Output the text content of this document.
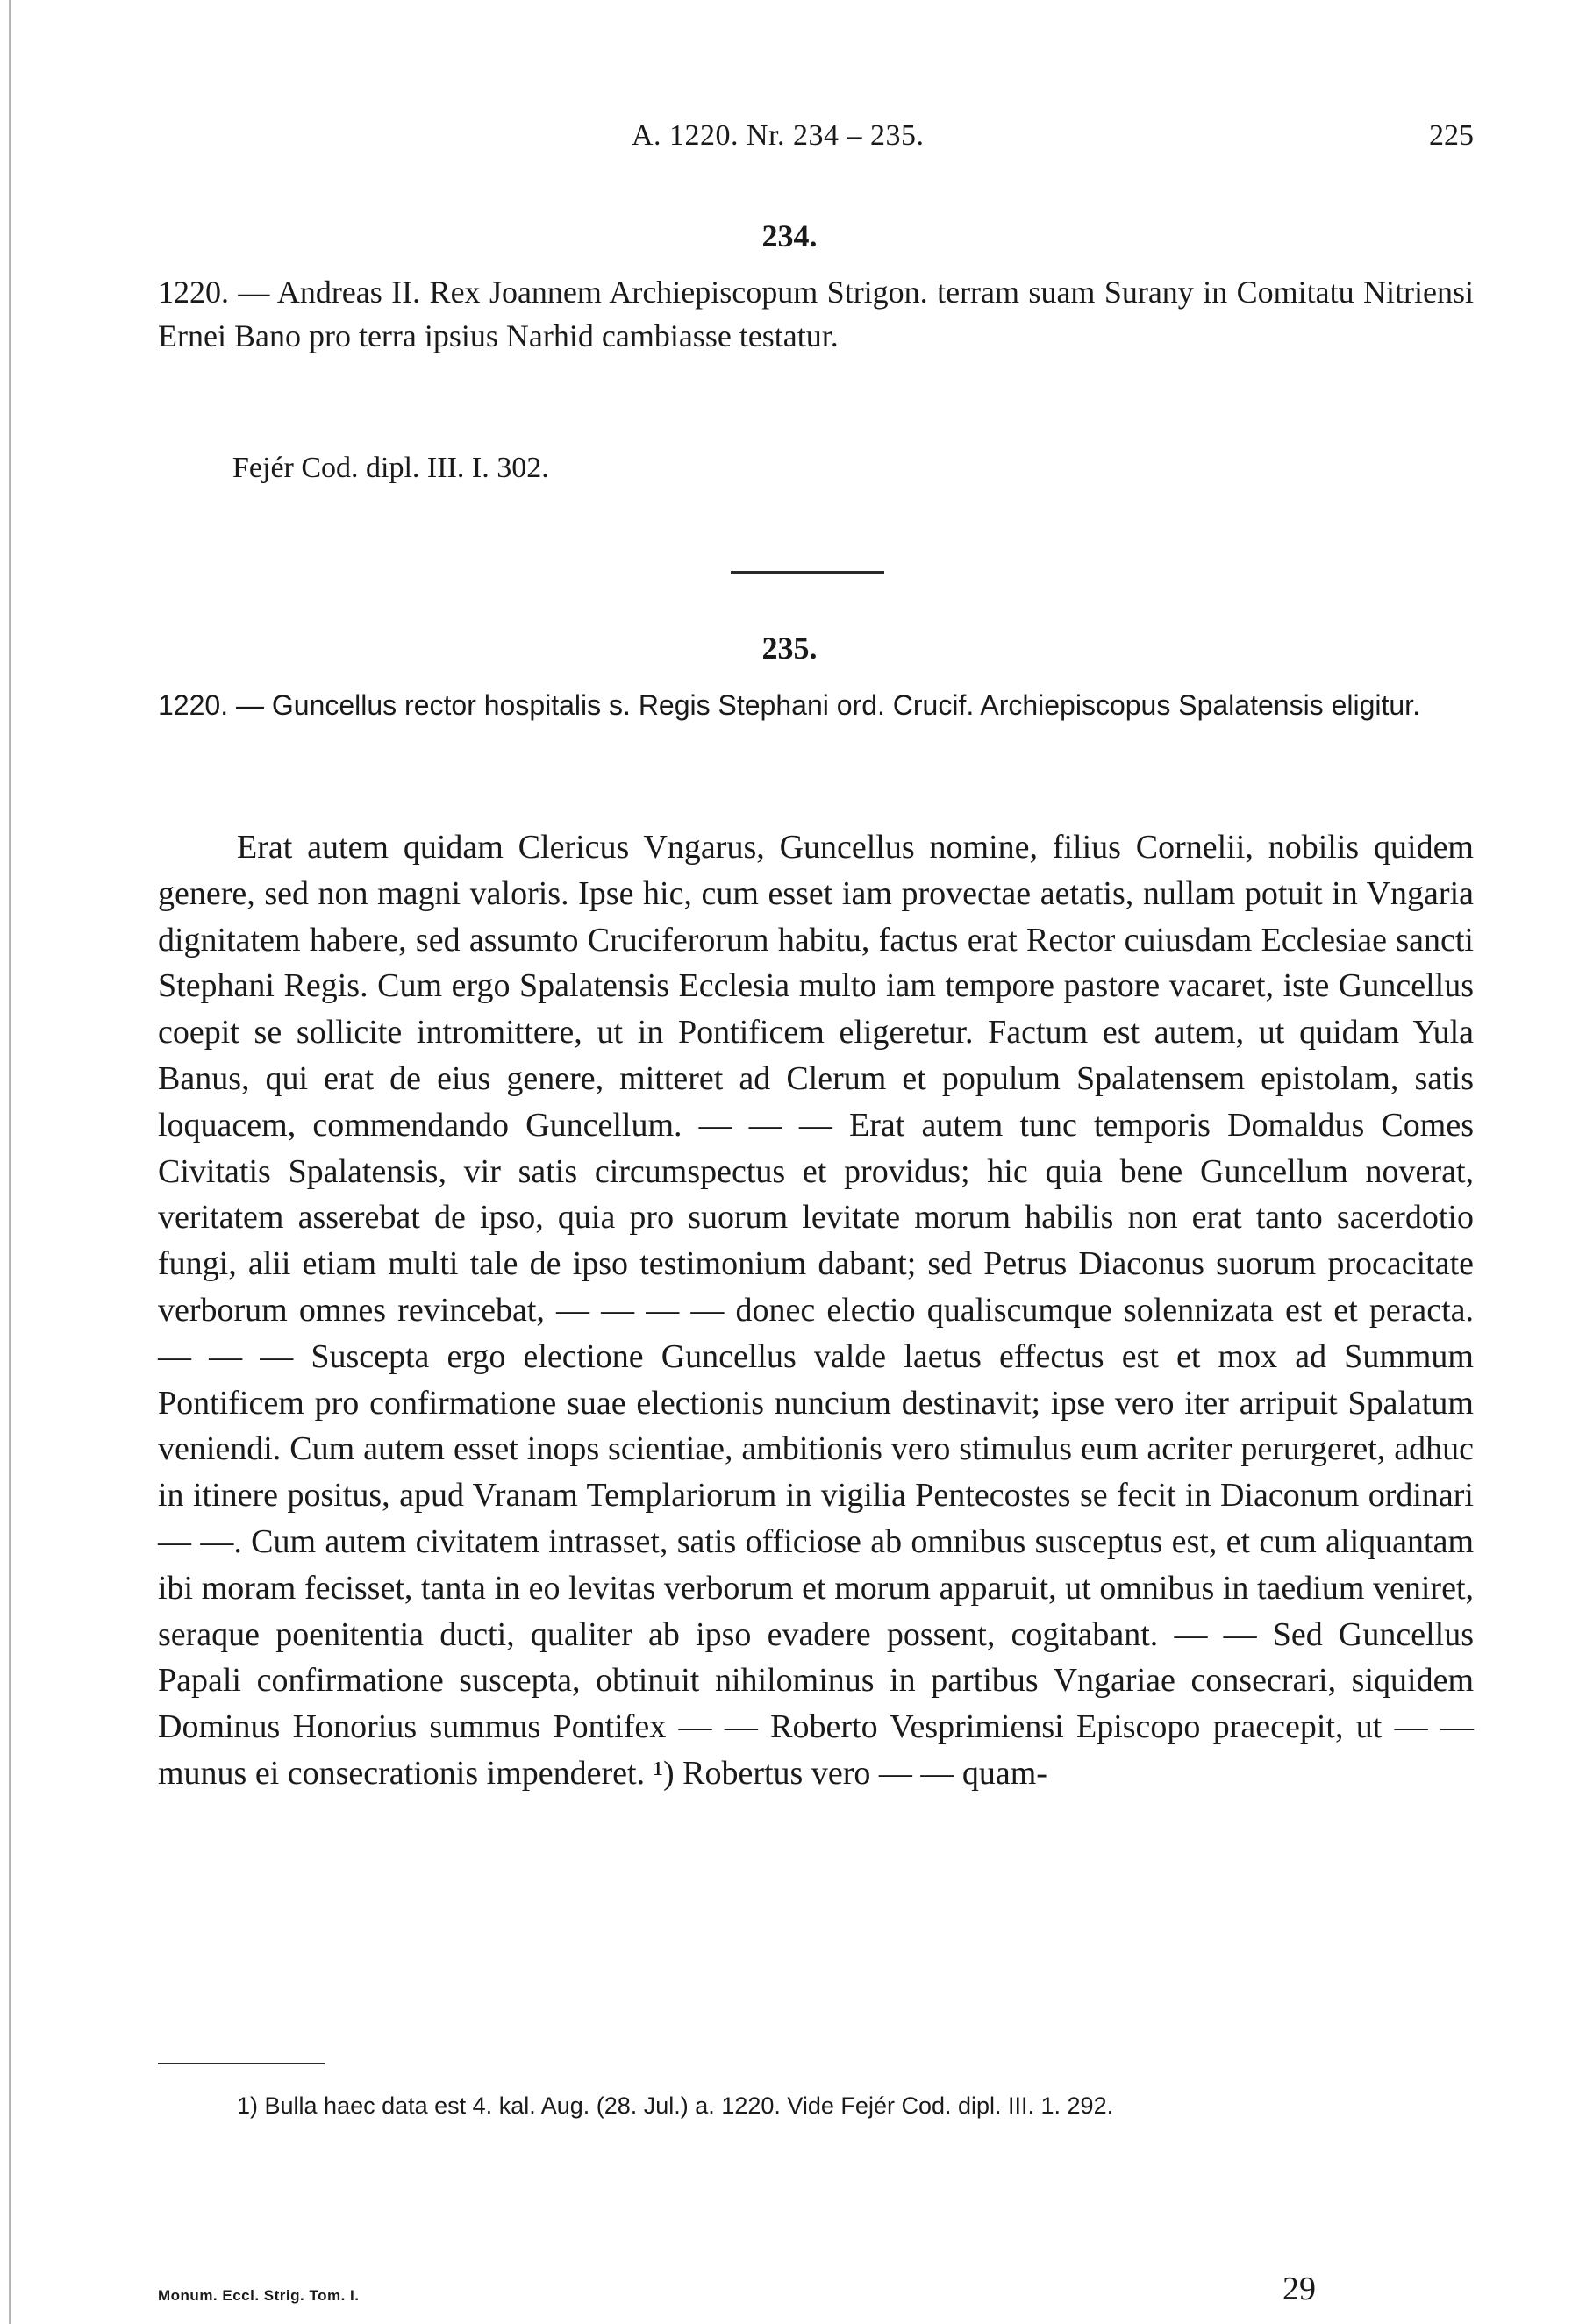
A. 1220. Nr. 234 – 235.	225
234.
1220. — Andreas II. Rex Joannem Archiepiscopum Strigon. terram suam Surany in Comitatu Nitriensi Ernei Bano pro terra ipsius Narhid cambiasse testatur.
Fejér Cod. dipl. III. I. 302.
235.
1220. — Guncellus rector hospitalis s. Regis Stephani ord. Crucif. Archiepiscopus Spalatensis eligitur.

Erat autem quidam Clericus Vngarus, Guncellus nomine, filius Cornelii, nobilis quidem genere, sed non magni valoris. Ipse hic, cum esset iam provectae aetatis, nullam potuit in Vngaria dignitatem habere, sed assumto Cruciferorum habitu, factus erat Rector cuiusdam Ecclesiae sancti Stephani Regis. Cum ergo Spalatensis Ecclesia multo iam tempore pastore vacaret, iste Guncellus coepit se sollicite intromittere, ut in Pontificem eligeretur. Factum est autem, ut quidam Yula Banus, qui erat de eius genere, mitteret ad Clerum et populum Spalatensem epistolam, satis loquacem, commendando Guncellum. — — — Erat autem tunc temporis Domaldus Comes Civitatis Spalatensis, vir satis circumspectus et providus; hic quia bene Guncellum noverat, veritatem asserebat de ipso, quia pro suorum levitate morum habilis non erat tanto sacerdotio fungi, alii etiam multi tale de ipso testimonium dabant; sed Petrus Diaconus suorum procacitate verborum omnes revincebat, — — — — donec electio qualiscumque solennizata est et peracta. — — — Suscepta ergo electione Guncellus valde laetus effectus est et mox ad Summum Pontificem pro confirmatione suae electionis nuncium destinavit; ipse vero iter arripuit Spalatum veniendi. Cum autem esset inops scientiae, ambitionis vero stimulus eum acriter perurgeret, adhuc in itinere positus, apud Vranam Templariorum in vigilia Pentecostes se fecit in Diaconum ordinari — —. Cum autem civitatem intrasset, satis officiose ab omnibus susceptus est, et cum aliquantam ibi moram fecisset, tanta in eo levitas verborum et morum apparuit, ut omnibus in taedium veniret, seraque poenitentia ducti, qualiter ab ipso evadere possent, cogitabant. — — Sed Guncellus Papali confirmatione suscepta, obtinuit nihilominus in partibus Vngariae consecrari, siquidem Dominus Honorius summus Pontifex — — Roberto Vesprimiensi Episcopo praecepit, ut — — munus ei consecrationis impenderet. ¹) Robertus vero — — quam-

1) Bulla haec data est 4. kal. Aug. (28. Jul.) a. 1220. Vide Fejér Cod. dipl. III. 1. 292.
Monum. Eccl. Strig. Tom. I.	29
